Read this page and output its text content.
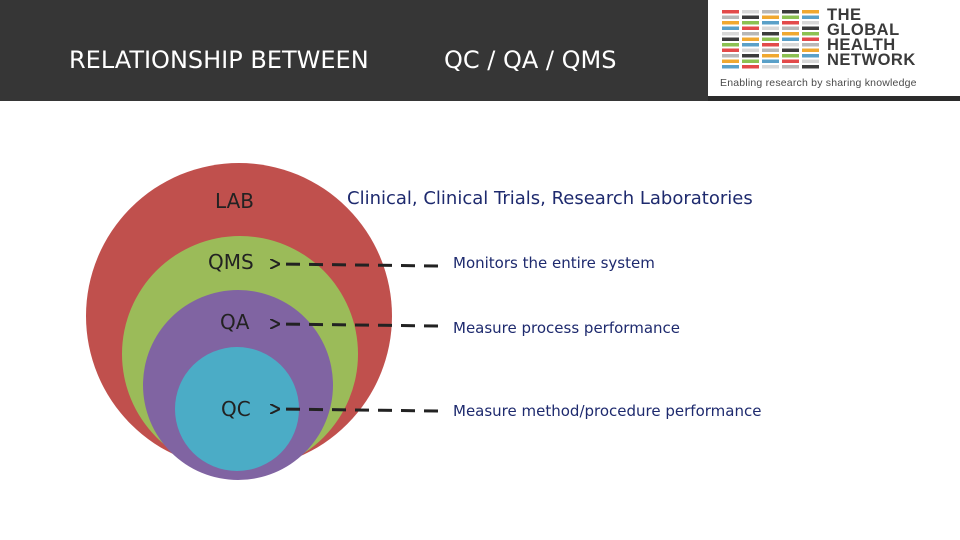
RELATIONSHIP BETWEEN	QC / QA / QMS
THE
GLOBAL
HEALTH
NETWORK
Enabling research by sharing knowledge
LAB
QMS
QA
QC
Clinical, Clinical Trials, Research Laboratories
Monitors the entire system
Measure process performance
Measure method/procedure performance
